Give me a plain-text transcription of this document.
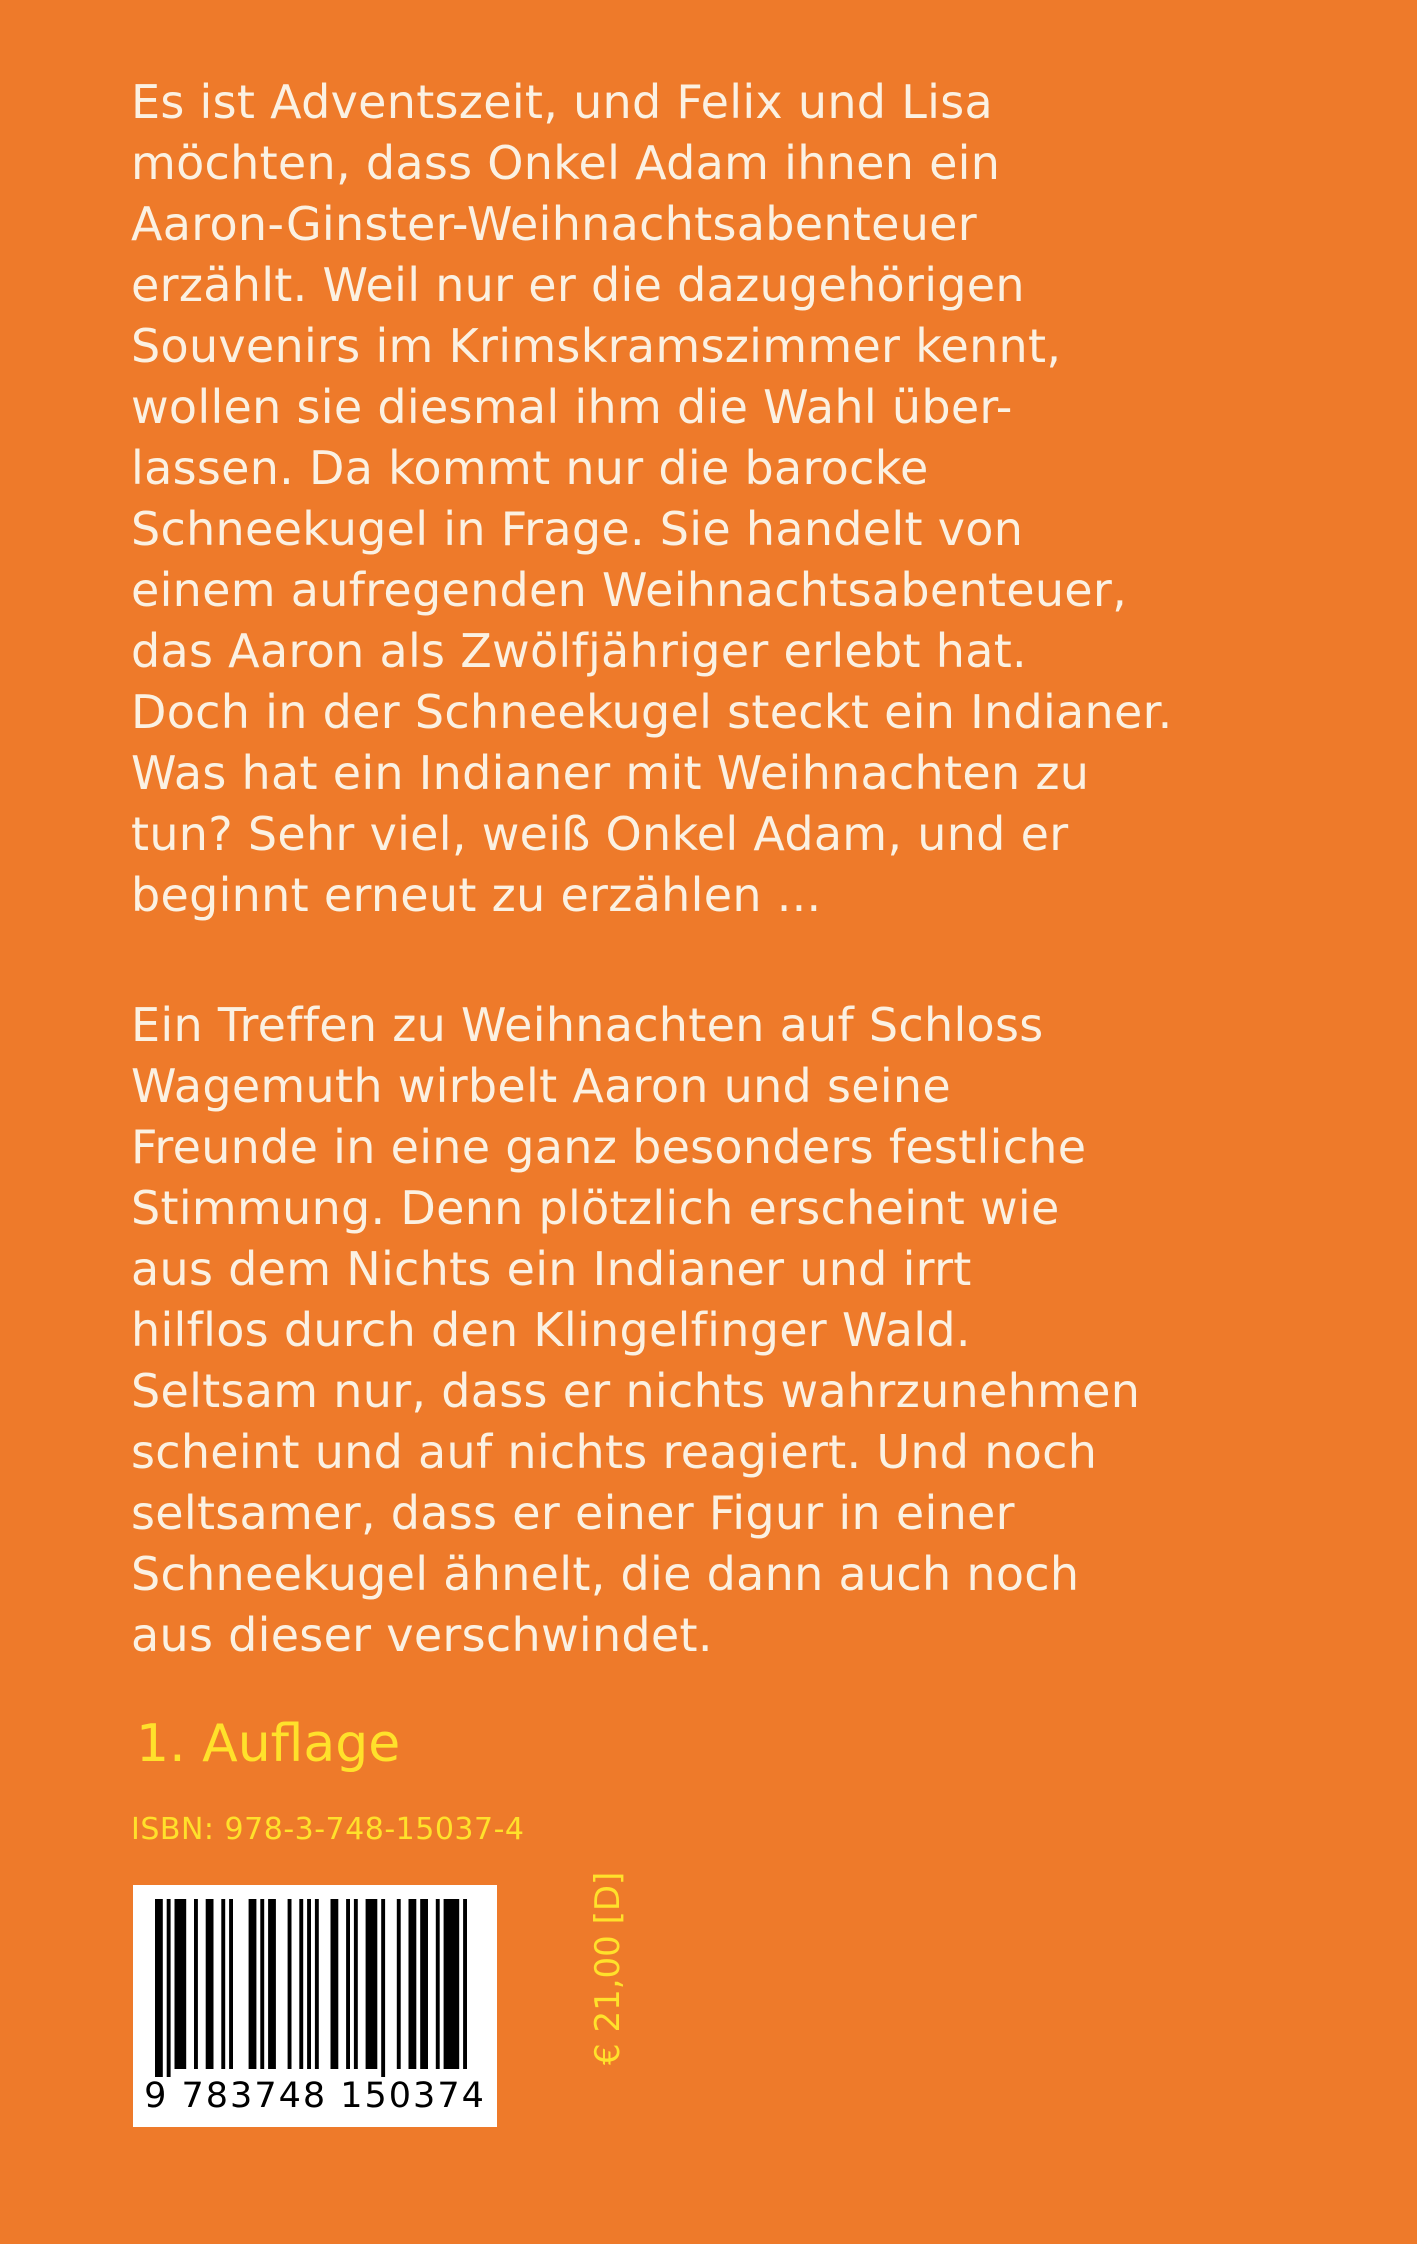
Es ist Adventszeit, und Felix und Lisa
möchten, dass Onkel Adam ihnen ein
Aaron-Ginster-Weihnachtsabenteuer
erzählt. Weil nur er die dazugehörigen
Souvenirs im Krimskramszimmer kennt,
wollen sie diesmal ihm die Wahl über-
lassen. Da kommt nur die barocke
Schneekugel in Frage. Sie handelt von
einem aufregenden Weihnachtsabenteuer,
das Aaron als Zwölfjähriger erlebt hat.
Doch in der Schneekugel steckt ein Indianer.
Was hat ein Indianer mit Weihnachten zu
tun? Sehr viel, weiß Onkel Adam, und er
beginnt erneut zu erzählen ...

Ein Treffen zu Weihnachten auf Schloss
Wagemuth wirbelt Aaron und seine
Freunde in eine ganz besonders festliche
Stimmung. Denn plötzlich erscheint wie
aus dem Nichts ein Indianer und irrt
hilflos durch den Klingelfinger Wald.
Seltsam nur, dass er nichts wahrzunehmen
scheint und auf nichts reagiert. Und noch
seltsamer, dass er einer Figur in einer
Schneekugel ähnelt, die dann auch noch
aus dieser verschwindet.

1. Auflage

ISBN: 978-3-748-15037-4

9 783748 150374

€ 21,00 [D]
